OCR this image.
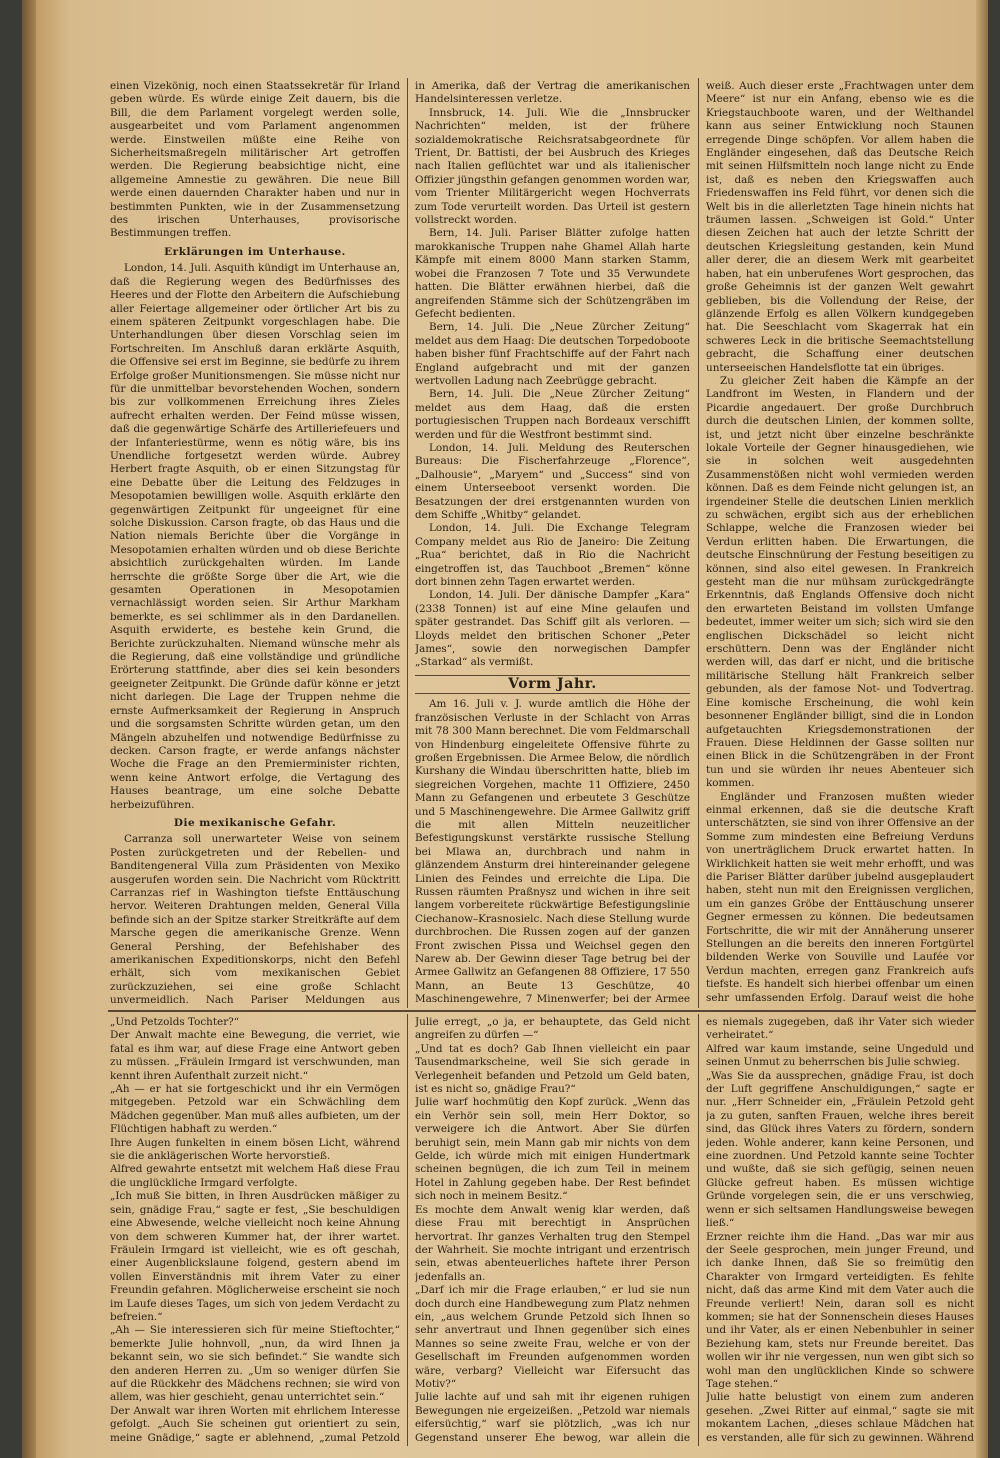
einen Vizekönig, noch einen Staatssekretär für Irland geben würde. Es würde einige Zeit dauern, bis die Bill, die dem Parlament vorgelegt werden solle, ausgearbeitet und vom Parlament angenommen werde. Einstweilen müßte eine Reihe von Sicherheitsmaßregeln militärischer Art getroffen werden. Die Regierung beabsichtige nicht, eine allgemeine Amnestie zu gewähren. Die neue Bill werde einen dauernden Charakter haben und nur in bestimmten Punkten, wie in der Zusammensetzung des irischen Unterhauses, provisorische Bestimmungen treffen.

Erklärungen im Unterhause.

London, 14. Juli. Asquith kündigt im Unterhause an, daß die Regierung wegen des Bedürfnisses des Heeres und der Flotte den Arbeitern die Aufschiebung aller Feiertage allgemeiner oder örtlicher Art bis zu einem späteren Zeitpunkt vorgeschlagen habe. Die Unterhandlungen über diesen Vorschlag seien im Fortschreiten. Im Anschluß daran erklärte Asquith, die Offensive sei erst im Beginne, sie bedürfe zu ihrem Erfolge großer Munitionsmengen. Sie müsse nicht nur für die unmittelbar bevorstehenden Wochen, sondern bis zur vollkommenen Erreichung ihres Zieles aufrecht erhalten werden. Der Feind müsse wissen, daß die gegenwärtige Schärfe des Artilleriefeuers und der Infanteriestürme, wenn es nötig wäre, bis ins Unendliche fortgesetzt werden würde. Aubrey Herbert fragte Asquith, ob er einen Sitzungstag für eine Debatte über die Leitung des Feldzuges in Mesopotamien bewilligen wolle. Asquith erklärte den gegenwärtigen Zeitpunkt für ungeeignet für eine solche Diskussion. Carson fragte, ob das Haus und die Nation niemals Berichte über die Vorgänge in Mesopotamien erhalten würden und ob diese Berichte absichtlich zurückgehalten würden. Im Lande herrschte die größte Sorge über die Art, wie die gesamten Operationen in Mesopotamien vernachlässigt worden seien. Sir Arthur Markham bemerkte, es sei schlimmer als in den Dardanellen. Asquith erwiderte, es bestehe kein Grund, die Berichte zurückzuhalten. Niemand wünsche mehr als die Regierung, daß eine vollständige und gründliche Erörterung stattfinde, aber dies sei kein besonders geeigneter Zeitpunkt. Die Gründe dafür könne er jetzt nicht darlegen. Die Lage der Truppen nehme die ernste Aufmerksamkeit der Regierung in Anspruch und die sorgsamsten Schritte würden getan, um den Mängeln abzuhelfen und notwendige Bedürfnisse zu decken. Carson fragte, er werde anfangs nächster Woche die Frage an den Premierminister richten, wenn keine Antwort erfolge, die Vertagung des Hauses beantrage, um eine solche Debatte herbeizuführen.

Die mexikanische Gefahr.

Carranza soll unerwarteter Weise von seinem Posten zurückgetreten und der Rebellen- und Banditengeneral Villa zum Präsidenten von Mexiko ausgerufen worden sein. Die Nachricht vom Rücktritt Carranzas rief in Washington tiefste Enttäuschung hervor. Weiteren Drahtungen melden, General Villa befinde sich an der Spitze starker Streitkräfte auf dem Marsche gegen die amerikanische Grenze. Wenn General Pershing, der Befehlshaber des amerikanischen Expeditionskorps, nicht den Befehl erhält, sich vom mexikanischen Gebiet zurückzuziehen, sei eine große Schlacht unvermeidlich. Nach Pariser Meldungen aus

in Amerika, daß der Vertrag die amerikanischen Handelsinteressen verletze.

Innsbruck, 14. Juli. Wie die „Innsbrucker Nachrichten“ melden, ist der frühere sozialdemokratische Reichsratsabgeordnete für Trient, Dr. Battisti, der bei Ausbruch des Krieges nach Italien geflüchtet war und als italienischer Offizier jüngsthin gefangen genommen worden war, vom Trienter Militärgericht wegen Hochverrats zum Tode verurteilt worden. Das Urteil ist gestern vollstreckt worden.

Bern, 14. Juli. Pariser Blätter zufolge hatten marokkanische Truppen nahe Ghamel Allah harte Kämpfe mit einem 8000 Mann starken Stamm, wobei die Franzosen 7 Tote und 35 Verwundete hatten. Die Blätter erwähnen hierbei, daß die angreifenden Stämme sich der Schützengräben im Gefecht bedienten.

Bern, 14. Juli. Die „Neue Zürcher Zeitung“ meldet aus dem Haag: Die deutschen Torpedoboote haben bisher fünf Frachtschiffe auf der Fahrt nach England aufgebracht und mit der ganzen wertvollen Ladung nach Zeebrügge gebracht.

Bern, 14. Juli. Die „Neue Zürcher Zeitung“ meldet aus dem Haag, daß die ersten portugiesischen Truppen nach Bordeaux verschifft werden und für die Westfront bestimmt sind.

London, 14. Juli. Meldung des Reuterschen Bureaus: Die Fischerfahrzeuge „Florence“, „Dalhousie“, „Maryem“ und „Success“ sind von einem Unterseeboot versenkt worden. Die Besatzungen der drei erstgenannten wurden von dem Schiffe „Whitby“ gelandet.

London, 14. Juli. Die Exchange Telegram Company meldet aus Rio de Janeiro: Die Zeitung „Rua“ berichtet, daß in Rio die Nachricht eingetroffen ist, das Tauchboot „Bremen“ könne dort binnen zehn Tagen erwartet werden.

London, 14. Juli. Der dänische Dampfer „Kara“ (2338 Tonnen) ist auf eine Mine gelaufen und später gestrandet. Das Schiff gilt als verloren. — Lloyds meldet den britischen Schoner „Peter James“, sowie den norwegischen Dampfer „Starkad“ als vermißt.

Vorm Jahr.

Am 16. Juli v. J. wurde amtlich die Höhe der französischen Verluste in der Schlacht von Arras mit 78 300 Mann berechnet. Die vom Feldmarschall von Hindenburg eingeleitete Offensive führte zu großen Ergebnissen. Die Armee Below, die nördlich Kurshany die Windau überschritten hatte, blieb im siegreichen Vorgehen, machte 11 Offiziere, 2450 Mann zu Gefangenen und erbeutete 3 Geschütze und 5 Maschinengewehre. Die Armee Gallwitz griff die mit allen Mitteln neuzeitlicher Befestigungskunst verstärkte russische Stellung bei Mlawa an, durchbrach und nahm in glänzendem Ansturm drei hintereinander gelegene Linien des Feindes und erreichte die Lipa. Die Russen räumten Praßnysz und wichen in ihre seit langem vorbereitete rückwärtige Befestigungslinie Ciechanow–Krasnosielc. Nach diese Stellung wurde durchbrochen. Die Russen zogen auf der ganzen Front zwischen Pissa und Weichsel gegen den Narew ab. Der Gewinn dieser Tage betrug bei der Armee Gallwitz an Gefangenen 88 Offiziere, 17 550 Mann, an Beute 13 Geschütze, 40 Maschinengewehre, 7 Minenwerfer; bei der Armee

weiß. Auch dieser erste „Frachtwagen unter dem Meere“ ist nur ein Anfang, ebenso wie es die Kriegstauchboote waren, und der Welthandel kann aus seiner Entwicklung noch Staunen erregende Dinge schöpfen. Vor allem haben die Engländer eingesehen, daß das Deutsche Reich mit seinen Hilfsmitteln noch lange nicht zu Ende ist, daß es neben den Kriegswaffen auch Friedenswaffen ins Feld führt, vor denen sich die Welt bis in die allerletzten Tage hinein nichts hat träumen lassen. „Schweigen ist Gold.“ Unter diesen Zeichen hat auch der letzte Schritt der deutschen Kriegsleitung gestanden, kein Mund aller derer, die an diesem Werk mit gearbeitet haben, hat ein unberufenes Wort gesprochen, das große Geheimnis ist der ganzen Welt gewahrt geblieben, bis die Vollendung der Reise, der glänzende Erfolg es allen Völkern kundgegeben hat. Die Seeschlacht vom Skagerrak hat ein schweres Leck in die britische Seemachtstellung gebracht, die Schaffung einer deutschen unterseeischen Handelsflotte tat ein übriges.

Zu gleicher Zeit haben die Kämpfe an der Landfront im Westen, in Flandern und der Picardie angedauert. Der große Durchbruch durch die deutschen Linien, der kommen sollte, ist, und jetzt nicht über einzelne beschränkte lokale Vorteile der Gegner hinausgediehen, wie sie in solchen weit ausgedehnten Zusammenstößen nicht wohl vermieden werden können. Daß es dem Feinde nicht gelungen ist, an irgendeiner Stelle die deutschen Linien merklich zu schwächen, ergibt sich aus der erheblichen Schlappe, welche die Franzosen wieder bei Verdun erlitten haben. Die Erwartungen, die deutsche Einschnürung der Festung beseitigen zu können, sind also eitel gewesen. In Frankreich gesteht man die nur mühsam zurückgedrängte Erkenntnis, daß Englands Offensive doch nicht den erwarteten Beistand im vollsten Umfange bedeutet, immer weiter um sich; sich wird sie den englischen Dickschädel so leicht nicht erschüttern. Denn was der Engländer nicht werden will, das darf er nicht, und die britische militärische Stellung hält Frankreich selber gebunden, als der famose Not- und Todvertrag. Eine komische Erscheinung, die wohl kein besonnener Engländer billigt, sind die in London aufgetauchten Kriegsdemonstrationen der Frauen. Diese Heldinnen der Gasse sollten nur einen Blick in die Schützengräben in der Front tun und sie würden ihr neues Abenteuer sich kommen.

Engländer und Franzosen mußten wieder einmal erkennen, daß sie die deutsche Kraft unterschätzten, sie sind von ihrer Offensive an der Somme zum mindesten eine Befreiung Verduns von unerträglichem Druck erwartet hatten. In Wirklichkeit hatten sie weit mehr erhofft, und was die Pariser Blätter darüber jubelnd ausgeplaudert haben, steht nun mit den Ereignissen verglichen, um ein ganzes Gröbe der Enttäuschung unserer Gegner ermessen zu können. Die bedeutsamen Fortschritte, die wir mit der Annäherung unserer Stellungen an die bereits den inneren Fortgürtel bildenden Werke von Souville und Laufée vor Verdun machten, erregen ganz Frankreich aufs tiefste. Es handelt sich hierbei offenbar um einen sehr umfassenden Erfolg. Darauf weist die hohe

„Und Petzolds Tochter?“
Der Anwalt machte eine Bewegung, die verriet, wie fatal es ihm war, auf diese Frage eine Antwort geben zu müssen. „Fräulein Irmgard ist verschwunden, man kennt ihren Aufenthalt zurzeit nicht.“
„Ah — er hat sie fortgeschickt und ihr ein Vermögen mitgegeben. Petzold war ein Schwächling dem Mädchen gegenüber. Man muß alles aufbieten, um der Flüchtigen habhaft zu werden.“
Ihre Augen funkelten in einem bösen Licht, während sie die anklägerischen Worte hervorstieß.
Alfred gewahrte entsetzt mit welchem Haß diese Frau die unglückliche Irmgard verfolgte.
„Ich muß Sie bitten, in Ihren Ausdrücken mäßiger zu sein, gnädige Frau,“ sagte er fest, „Sie beschuldigen eine Abwesende, welche vielleicht noch keine Ahnung von dem schweren Kummer hat, der ihrer wartet. Fräulein Irmgard ist vielleicht, wie es oft geschah, einer Augenblickslaune folgend, gestern abend im vollen Einverständnis mit ihrem Vater zu einer Freundin gefahren. Möglicherweise erscheint sie noch im Laufe dieses Tages, um sich von jedem Verdacht zu befreien.“
„Ah — Sie interessieren sich für meine Stieftochter,“ bemerkte Julie hohnvoll, „nun, da wird Ihnen ja bekannt sein, wo sie sich befindet.“ Sie wandte sich den anderen Herren zu. „Um so weniger dürfen Sie auf die Rückkehr des Mädchens rechnen; sie wird von allem, was hier geschieht, genau unterrichtet sein.“
Der Anwalt war ihren Worten mit ehrlichem Interesse gefolgt. „Auch Sie scheinen gut orientiert zu sein, meine Gnädige,“ sagte er ablehnend, „zumal Petzold

Julie erregt, „o ja, er behauptete, das Geld nicht angreifen zu dürfen —“
„Und tat es doch? Gab Ihnen vielleicht ein paar Tausendmarkscheine, weil Sie sich gerade in Verlegenheit befanden und Petzold um Geld baten, ist es nicht so, gnädige Frau?“
Julie warf hochmütig den Kopf zurück. „Wenn das ein Verhör sein soll, mein Herr Doktor, so verweigere ich die Antwort. Aber Sie dürfen beruhigt sein, mein Mann gab mir nichts von dem Gelde, ich würde mich mit einigen Hundertmark scheinen begnügen, die ich zum Teil in meinem Hotel in Zahlung gegeben habe. Der Rest befindet sich noch in meinem Besitz.“
Es mochte dem Anwalt wenig klar werden, daß diese Frau mit berechtigt in Ansprüchen hervortrat. Ihr ganzes Verhalten trug den Stempel der Wahrheit. Sie mochte intrigant und erzentrisch sein, etwas abenteuerliches haftete ihrer Person jedenfalls an.
„Darf ich mir die Frage erlauben,“ er lud sie nun doch durch eine Handbewegung zum Platz nehmen ein, „aus welchem Grunde Petzold sich Ihnen so sehr anvertraut und Ihnen gegenüber sich eines Mannes so seine zweite Frau, welche er von der Gesellschaft im Freunden aufgenommen worden wäre, verbarg? Vielleicht war Eifersucht das Motiv?“
Julie lachte auf und sah mit ihr eigenen ruhigen Bewegungen nie ergeizeißen. „Petzold war niemals eifersüchtig,“ warf sie plötzlich, „was ich nur Gegenstand unserer Ehe bewog, war allein die

es niemals zugegeben, daß ihr Vater sich wieder verheiratet.“
Alfred war kaum imstande, seine Ungeduld und seinen Unmut zu beherrschen bis Julie schwieg.
„Was Sie da aussprechen, gnädige Frau, ist doch der Luft gegriffene Anschuldigungen,“ sagte er nur. „Herr Schneider ein, „Fräulein Petzold geht ja zu guten, sanften Frauen, welche ihres bereit sind, das Glück ihres Vaters zu fördern, sondern jeden. Wohle anderer, kann keine Personen, und eine zuordnen. Und Petzold kannte seine Tochter und wußte, daß sie sich gefügig, seinen neuen Glücke gefreut haben. Es müssen wichtige Gründe vorgelegen sein, die er uns verschwieg, wenn er sich seltsamen Handlungsweise bewegen ließ.“
Erzner reichte ihm die Hand. „Das war mir aus der Seele gesprochen, mein junger Freund, und ich danke Ihnen, daß Sie so freimütig den Charakter von Irmgard verteidigten. Es fehlte nicht, daß das arme Kind mit dem Vater auch die Freunde verliert! Nein, daran soll es nicht kommen; sie hat der Sonnenschein dieses Hauses und ihr Vater, als er einen Nebenbuhler in seiner Beziehung kam, stets nur Freunde bereitet. Das wollen wir ihr nie vergessen, nun wen gibt sich so wohl man den unglücklichen Kinde so schwere Tage stehen.“
Julie hatte belustigt von einem zum anderen gesehen. „Zwei Ritter auf einmal,“ sagte sie mit mokantem Lachen, „dieses schlaue Mädchen hat es verstanden, alle für sich zu gewinnen. Während
